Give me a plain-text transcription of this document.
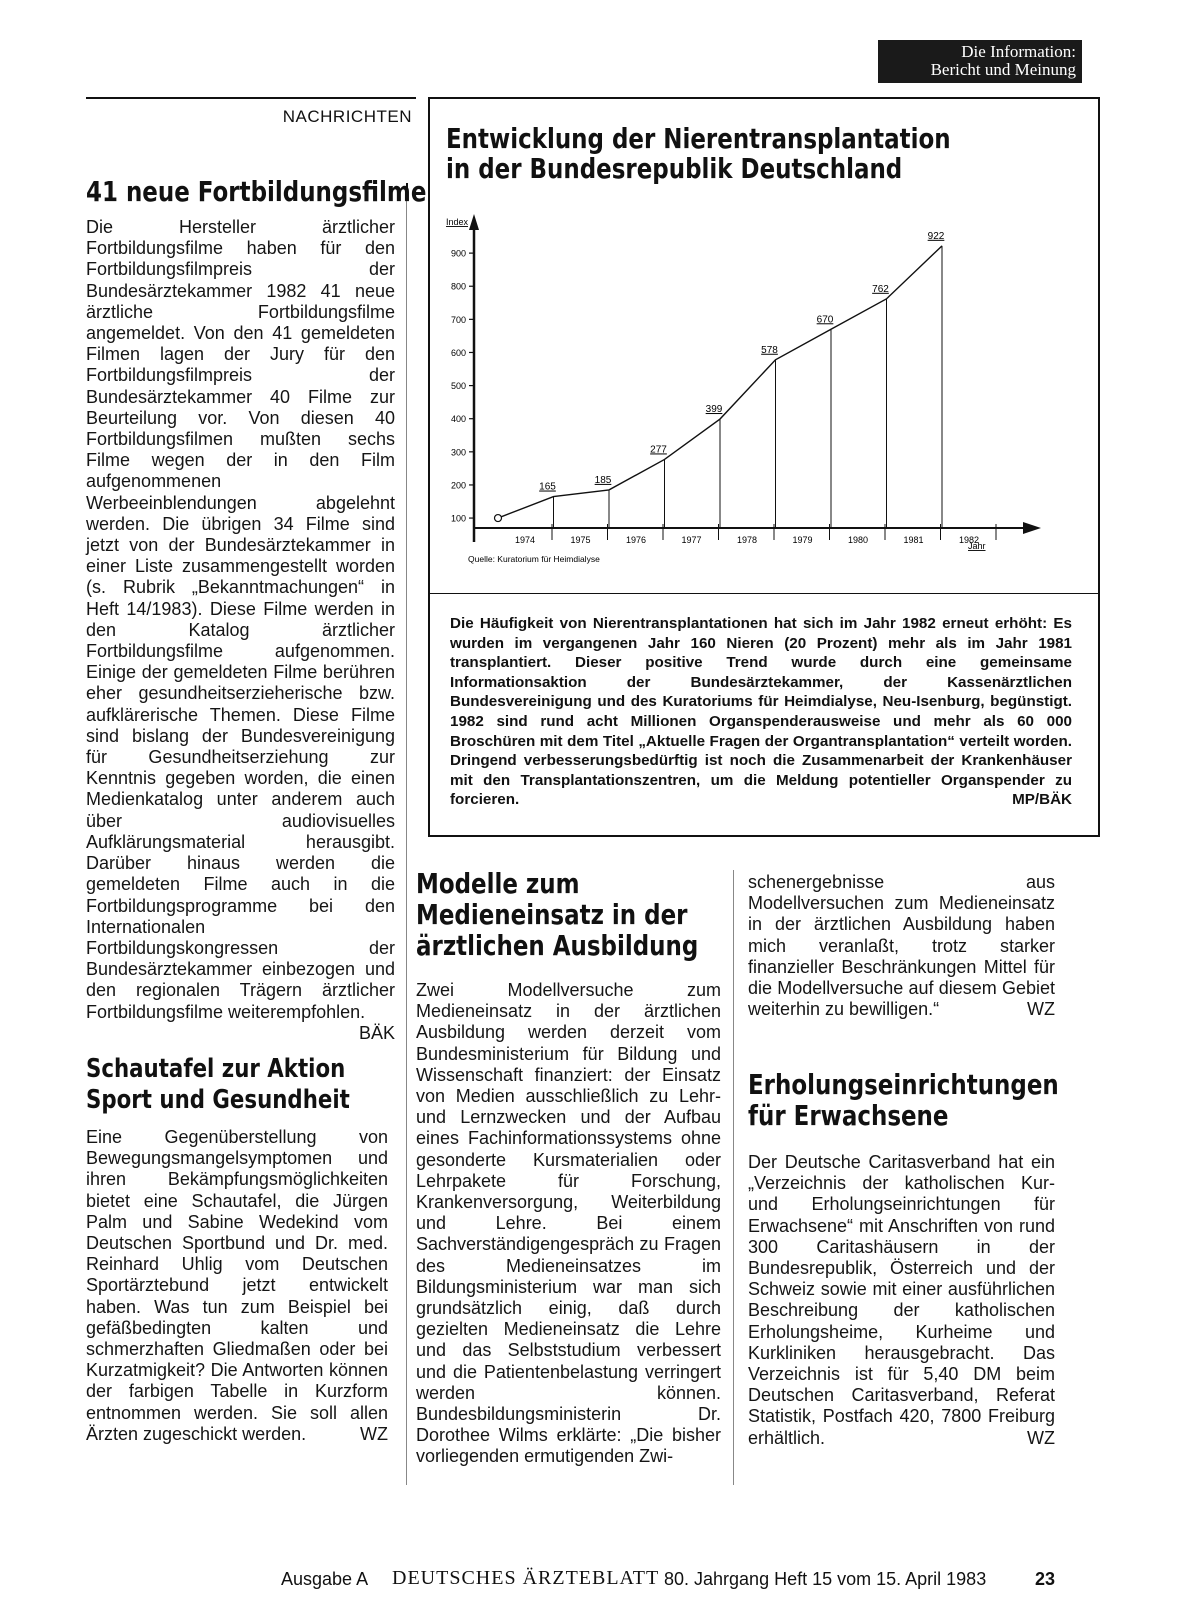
Die Information:
Bericht und Meinung
NACHRICHTEN
41 neue Fortbildungsfilme
Die Hersteller ärztlicher Fortbildungsfilme haben für den Fortbildungsfilmpreis der Bundesärztekammer 1982 41 neue ärztliche Fortbildungsfilme angemeldet. Von den 41 gemeldeten Filmen lagen der Jury für den Fortbildungsfilmpreis der Bundesärztekammer 40 Filme zur Beurteilung vor. Von diesen 40 Fortbildungsfilmen mußten sechs Filme wegen der in den Film aufgenommenen Werbeeinblendungen abgelehnt werden. Die übrigen 34 Filme sind jetzt von der Bundesärztekammer in einer Liste zusammengestellt worden (s. Rubrik „Bekanntmachungen“ in Heft 14/1983). Diese Filme werden in den Katalog ärztlicher Fortbildungsfilme aufgenommen. Einige der gemeldeten Filme berühren eher gesundheitserzieherische bzw. aufklärerische Themen. Diese Filme sind bislang der Bundesvereinigung für Gesundheitserziehung zur Kenntnis gegeben worden, die einen Medienkatalog unter anderem auch über audiovisuelles Aufklärungsmaterial herausgibt. Darüber hinaus werden die gemeldeten Filme auch in die Fortbildungsprogramme bei den Internationalen Fortbildungskongressen der Bundesärztekammer einbezogen und den regionalen Trägern ärztlicher Fortbildungsfilme weiterempfohlen.
BÄK
Schautafel zur Aktion
Sport und Gesundheit
Eine Gegenüberstellung von Bewegungsmangelsymptomen und ihren Bekämpfungsmöglichkeiten bietet eine Schautafel, die Jürgen Palm und Sabine Wedekind vom Deutschen Sportbund und Dr. med. Reinhard Uhlig vom Deutschen Sportärztebund jetzt entwickelt haben. Was tun zum Beispiel bei gefäßbedingten kalten und schmerzhaften Gliedmaßen oder bei Kurzatmigkeit? Die Antworten können der farbigen Tabelle in Kurzform entnommen werden. Sie soll allen Ärzten zugeschickt werden.	WZ
Entwicklung der Nierentransplantation
in der Bundesrepublik Deutschland
100
200
300
400
500
600
700
800
900
1974	1975	1976	1977	1978	1979	1980	1981	1982
165
185
277
399
578
670
762
922
Index
Jahr
Quelle: Kuratorium für Heimdialyse
Die Häufigkeit von Nierentransplantationen hat sich im Jahr 1982 erneut erhöht: Es wurden im vergangenen Jahr 160 Nieren (20 Prozent) mehr als im Jahr 1981 transplantiert. Dieser positive Trend wurde durch eine gemeinsame Informationsaktion der Bundesärztekammer, der Kassenärztlichen Bundesvereinigung und des Kuratoriums für Heimdialyse, Neu-Isenburg, begünstigt. 1982 sind rund acht Millionen Organspenderausweise und mehr als 60 000 Broschüren mit dem Titel „Aktuelle Fragen der Organtransplantation“ verteilt worden. Dringend verbesserungsbedürftig ist noch die Zusammenarbeit der Krankenhäuser mit den Transplantationszentren, um die Meldung potentieller Organspender zu forcieren.	MP/BÄK
Modelle zum
Medieneinsatz in der
ärztlichen Ausbildung
Zwei Modellversuche zum Medieneinsatz in der ärztlichen Ausbildung werden derzeit vom Bundesministerium für Bildung und Wissenschaft finanziert: der Einsatz von Medien ausschließlich zu Lehr- und Lernzwecken und der Aufbau eines Fachinformationssystems ohne gesonderte Kursmaterialien oder Lehrpakete für Forschung, Krankenversorgung, Weiterbildung und Lehre. Bei einem Sachverständigengespräch zu Fragen des Medieneinsatzes im Bildungsministerium war man sich grundsätzlich einig, daß durch gezielten Medieneinsatz die Lehre und das Selbststudium verbessert und die Patientenbelastung verringert werden können. Bundesbildungsministerin Dr. Dorothee Wilms erklärte: „Die bisher vorliegenden ermutigenden Zwi-
schenergebnisse aus Modellversuchen zum Medieneinsatz in der ärztlichen Ausbildung haben mich veranlaßt, trotz starker finanzieller Beschränkungen Mittel für die Modellversuche auf diesem Gebiet weiterhin zu bewilligen.“	WZ
Erholungseinrichtungen
für Erwachsene
Der Deutsche Caritasverband hat ein „Verzeichnis der katholischen Kur- und Erholungseinrichtungen für Erwachsene“ mit Anschriften von rund 300 Caritashäusern in der Bundesrepublik, Österreich und der Schweiz sowie mit einer ausführlichen Beschreibung der katholischen Erholungsheime, Kurheime und Kurkliniken herausgebracht. Das Verzeichnis ist für 5,40 DM beim Deutschen Caritasverband, Referat Statistik, Postfach 420, 7800 Freiburg erhältlich.	WZ
Ausgabe A DEUTSCHES ÄRZTEBLATT 80. Jahrgang Heft 15 vom 15. April 1983	23
